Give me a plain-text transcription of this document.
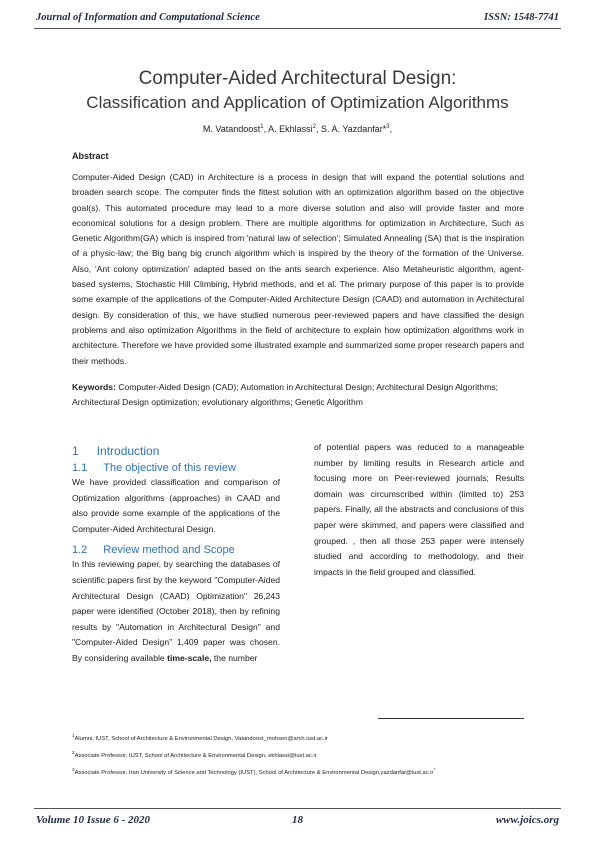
Journal of Information and Computational Science	ISSN: 1548-7741
Computer-Aided Architectural Design:
Classification and Application of Optimization Algorithms
M. Vatandoost$^1$, A. Ekhlassi$^2$, S. A. Yazdanfar*$^3$,
Abstract
Computer-Aided Design (CAD) in Architecture is a process in design that will expand the potential solutions and broaden search scope. The computer finds the fittest solution with an optimization algorithm based on the objective goal(s). This automated procedure may lead to a more diverse solution and also will provide faster and more economical solutions for a design problem. There are multiple algorithms for optimization in Architecture, Such as Genetic Algorithm(GA) which is inspired from 'natural law of selection'; Simulated Annealing (SA) that is the inspiration of a physic-law; the Big bang big crunch algorithm which is inspired by the theory of the formation of the Universe. Also, 'Ant colony optimization' adapted based on the ants search experience. Also Metaheuristic algorithm, agent-based systems, Stochastic Hill Climbing, Hybrid methods, and et al. The primary purpose of this paper is to provide some example of the applications of the Computer-Aided Architecture Design (CAAD) and automation in Architectural design. By consideration of this, we have studied numerous peer-reviewed papers and have classified the design problems and also optimization Algorithms in the field of architecture to explain how optimization algorithms work in architecture. Therefore we have provided some illustrated example and summarized some proper research papers and their methods.
Keywords: Computer-Aided Design (CAD); Automation in Architectural Design; Architectural Design Algorithms; Architectural Design optimization; evolutionary algorithms; Genetic Algorithm
1 Introduction
1.1 The objective of this review

We have provided classification and comparison of Optimization algorithms (approaches) in CAAD and also provide some example of the applications of the Computer-Aided Architectural Design.

1.2 Review method and Scope

In this reviewing paper, by searching the databases of scientific papers first by the keyword "Computer-Aided Architectural Design (CAAD) Optimization" 26,243 paper were identified (October 2018), then by refining results by "Automation in Architectural Design" and "Computer-Aided Design" 1,409 paper was chosen. By considering available time-scale, the number

of potential papers was reduced to a manageable number by limiting results in Research article and focusing more on Peer-reviewed journals; Results domain was circumscribed within (limited to) 253 papers. Finally, all the abstracts and conclusions of this paper were skimmed, and papers were classified and grouped. , then all those 253 paper were intensely studied and according to methodology, and their impacts in the field grouped and classified.
$^1$Alumni, IUST, School of Architecture & Environmental Design, Vatandoost_mohsen@arch.iust.ac.ir
$^2$Associate Professor, IUST, School of Architecture & Environmental Design, ekhlassi@iust.ac.ir
$^3$Associate Professor, Iran University of Science and Technology (IUST), School of Architecture & Environmental Design,yazdanfar@iust.ac.ir*
Volume 10 Issue 6 - 2020	18	www.joics.org
